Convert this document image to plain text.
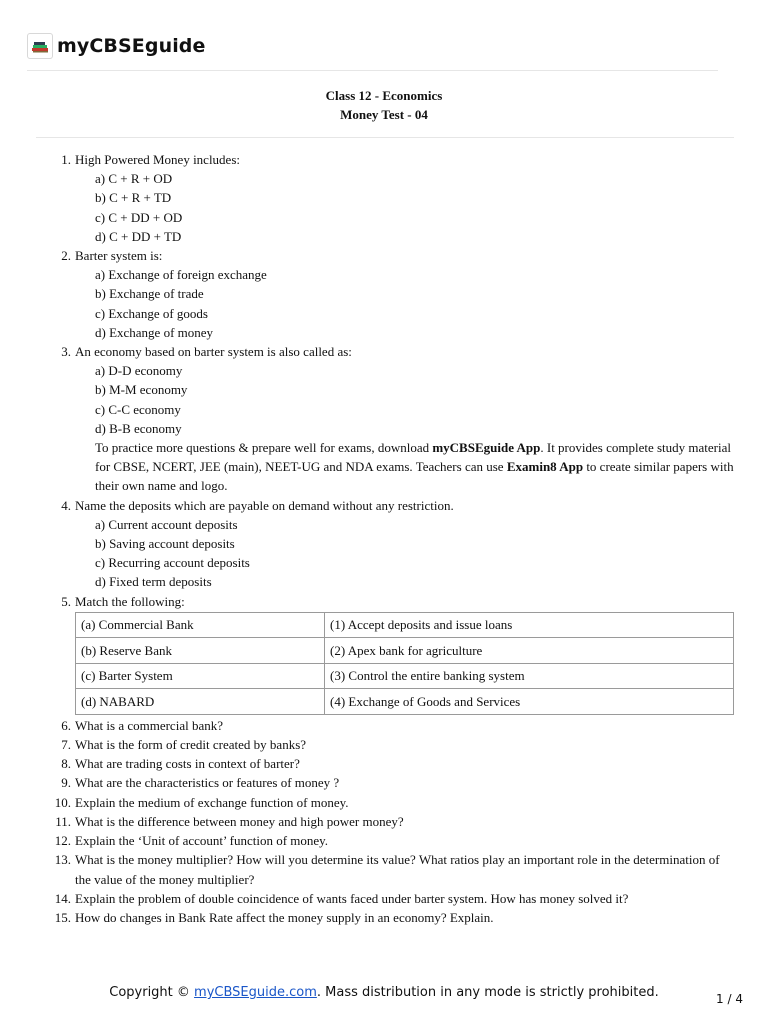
myCBSEguide
Class 12 - Economics
Money Test - 04
1. High Powered Money includes:
a) C + R + OD
b) C + R + TD
c) C + DD + OD
d) C + DD + TD
2. Barter system is:
a) Exchange of foreign exchange
b) Exchange of trade
c) Exchange of goods
d) Exchange of money
3. An economy based on barter system is also called as:
a) D-D economy
b) M-M economy
c) C-C economy
d) B-B economy
To practice more questions & prepare well for exams, download myCBSEguide App. It provides complete study material for CBSE, NCERT, JEE (main), NEET-UG and NDA exams. Teachers can use Examin8 App to create similar papers with their own name and logo.
4. Name the deposits which are payable on demand without any restriction.
a) Current account deposits
b) Saving account deposits
c) Recurring account deposits
d) Fixed term deposits
5. Match the following:
(a) Commercial Bank	(1) Accept deposits and issue loans
(b) Reserve Bank	(2) Apex bank for agriculture
(c) Barter System	(3) Control the entire banking system
(d) NABARD	(4) Exchange of Goods and Services
6. What is a commercial bank?
7. What is the form of credit created by banks?
8. What are trading costs in context of barter?
9. What are the characteristics or features of money ?
10. Explain the medium of exchange function of money.
11. What is the difference between money and high power money?
12. Explain the ‘Unit of account’ function of money.
13. What is the money multiplier? How will you determine its value? What ratios play an important role in the determination of the value of the money multiplier?
14. Explain the problem of double coincidence of wants faced under barter system. How has money solved it?
15. How do changes in Bank Rate affect the money supply in an economy? Explain.
Copyright © myCBSEguide.com. Mass distribution in any mode is strictly prohibited.	1 / 4
